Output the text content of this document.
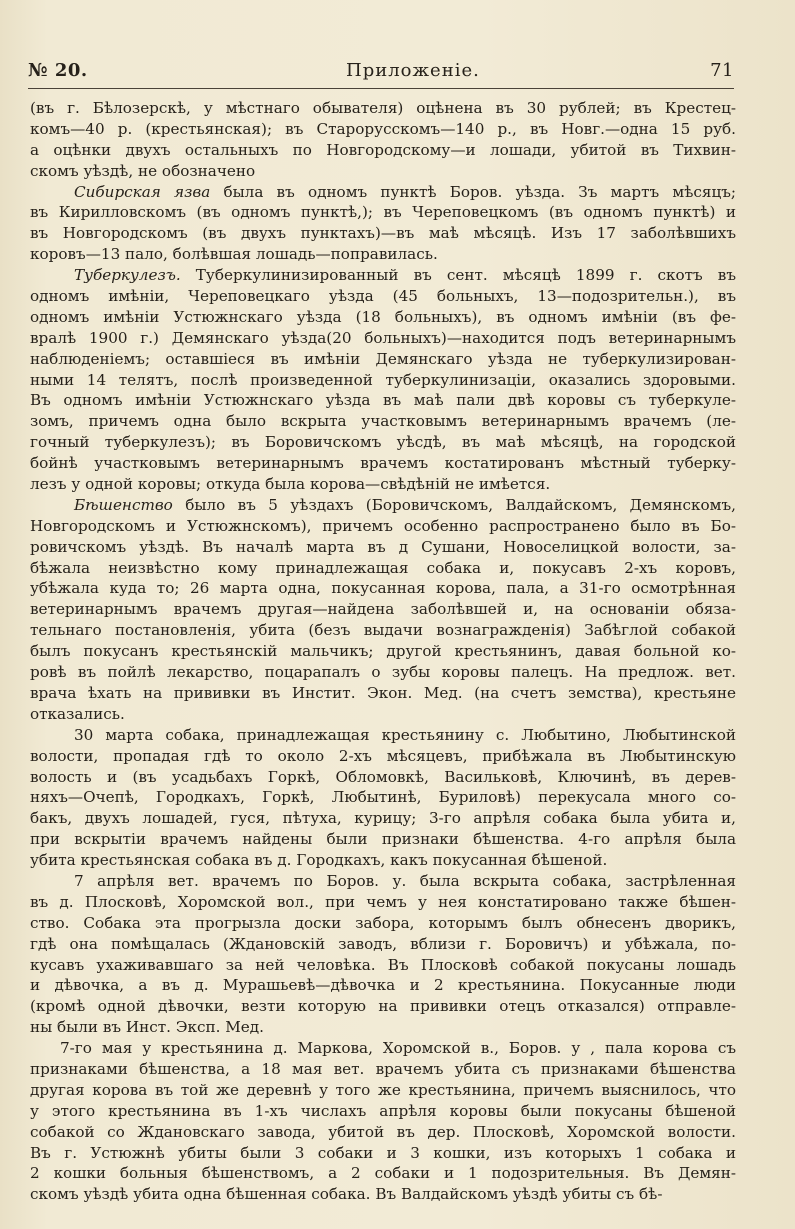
№ 20.	Приложеніе.	71
(въ г. Бѣлозерскѣ, у мѣстнаго обывателя) оцѣнена въ 30 рублей; въ Крестец-
комъ—40 р. (крестьянская); въ Старорусскомъ—140 р., въ Новг.—одна 15 руб.
а оцѣнки двухъ остальныхъ по Новгородскому—и лошади, убитой въ Тихвин-
скомъ уѣздѣ, не обозначено
Сибирская язва была въ одномъ пунктѣ Боров. уѣзда. Зъ мартъ мѣсяцъ;
въ Кирилловскомъ (въ одномъ пунктѣ,); въ Череповецкомъ (въ одномъ пунктѣ) и
въ Новгородскомъ (въ двухъ пунктахъ)—въ маѣ мѣсяцѣ. Изъ 17 заболѣвшихъ
коровъ—13 пало, болѣвшая лошадь—поправилась.
Туберкулезъ. Туберкулинизированный въ сент. мѣсяцѣ 1899 г. скотъ въ
одномъ имѣніи, Череповецкаго уѣзда (45 больныхъ, 13—подозрительн.), въ
одномъ имѣніи Устюжнскаго уѣзда (18 больныхъ), въ одномъ имѣніи (въ фе-
вралѣ 1900 г.) Демянскаго уѣзда(20 больныхъ)—находится подъ ветеринарнымъ
наблюденіемъ; оставшіеся въ имѣніи Демянскаго уѣзда не туберкулизирован-
ными 14 телятъ, послѣ произведенной туберкулинизаціи, оказались здоровыми.
Въ одномъ имѣніи Устюжнскаго уѣзда въ маѣ пали двѣ коровы съ туберкуле-
зомъ, причемъ одна было вскрыта участковымъ ветеринарнымъ врачемъ (ле-
гочный туберкулезъ); въ Боровичскомъ уѣсдѣ, въ маѣ мѣсяцѣ, на городской
бойнѣ участковымъ ветеринарнымъ врачемъ костатированъ мѣстный туберку-
лезъ у одной коровы; откуда была корова—свѣдѣній не имѣется.
Бѣшенство было въ 5 уѣздахъ (Боровичскомъ, Валдайскомъ, Демянскомъ,
Новгородскомъ и Устюжнскомъ), причемъ особенно распространено было въ Бо-
ровичскомъ уѣздѣ. Въ началѣ марта въ д Сушани, Новоселицкой волости, за-
бѣжала неизвѣстно кому принадлежащая собака и, покусавъ 2-хъ коровъ,
убѣжала куда то; 26 марта одна, покусанная корова, пала, а 31-го осмотрѣнная
ветеринарнымъ врачемъ другая—найдена заболѣвшей и, на основаніи обяза-
тельнаго постановленія, убита (безъ выдачи вознагражденія) Забѣглой собакой
былъ покусанъ крестьянскій мальчикъ; другой крестьянинъ, давая больной ко-
ровѣ въ пойлѣ лекарство, поцарапалъ о зубы коровы палецъ. На предлож. вет.
врача ѣхать на прививки въ Инстит. Экон. Мед. (на счетъ земства), крестьяне
отказались.
30 марта собака, принадлежащая крестьянину с. Любытино, Любытинской
волости, пропадая гдѣ то около 2-хъ мѣсяцевъ, прибѣжала въ Любытинскую
волость и (въ усадьбахъ Горкѣ, Обломовкѣ, Васильковѣ, Ключинѣ, въ дерев-
няхъ—Очепѣ, Городкахъ, Горкѣ, Любытинѣ, Буриловѣ) перекусала много со-
бакъ, двухъ лошадей, гуся, пѣтуха, курицу; 3-го апрѣля собака была убита и,
при вскрытіи врачемъ найдены были признаки бѣшенства. 4-го апрѣля была
убита крестьянская собака въ д. Городкахъ, какъ покусанная бѣшеной.
7 апрѣля вет. врачемъ по Боров. у. была вскрыта собака, застрѣленная
въ д. Плосковѣ, Хоромской вол., при чемъ у нея констатировано также бѣшен-
ство. Собака эта прогрызла доски забора, которымъ былъ обнесенъ дворикъ,
гдѣ она помѣщалась (Ждановскій заводъ, вблизи г. Боровичъ) и убѣжала, по-
кусавъ ухаживавшаго за ней человѣка. Въ Плосковѣ собакой покусаны лошадь
и дѣвочка, а въ д. Мурашьевѣ—дѣвочка и 2 крестьянина. Покусанные люди
(кромѣ одной дѣвочки, везти которую на прививки отецъ отказался) отправле-
ны были въ Инст. Эксп. Мед.
7-го мая у крестьянина д. Маркова, Хоромской в., Боров. у , пала корова съ
признаками бѣшенства, а 18 мая вет. врачемъ убита съ признаками бѣшенства
другая корова въ той же деревнѣ у того же крестьянина, причемъ выяснилось, что
у этого крестьянина въ 1-хъ числахъ апрѣля коровы были покусаны бѣшеной
собакой со Ждановскаго завода, убитой въ дер. Плосковѣ, Хоромской волости.
Въ г. Устюжнѣ убиты были 3 собаки и 3 кошки, изъ которыхъ 1 собака и
2 кошки больныя бѣшенствомъ, а 2 собаки и 1 подозрительныя. Въ Демян-
скомъ уѣздѣ убита одна бѣшенная собака. Въ Валдайскомъ уѣздѣ убиты съ бѣ-
